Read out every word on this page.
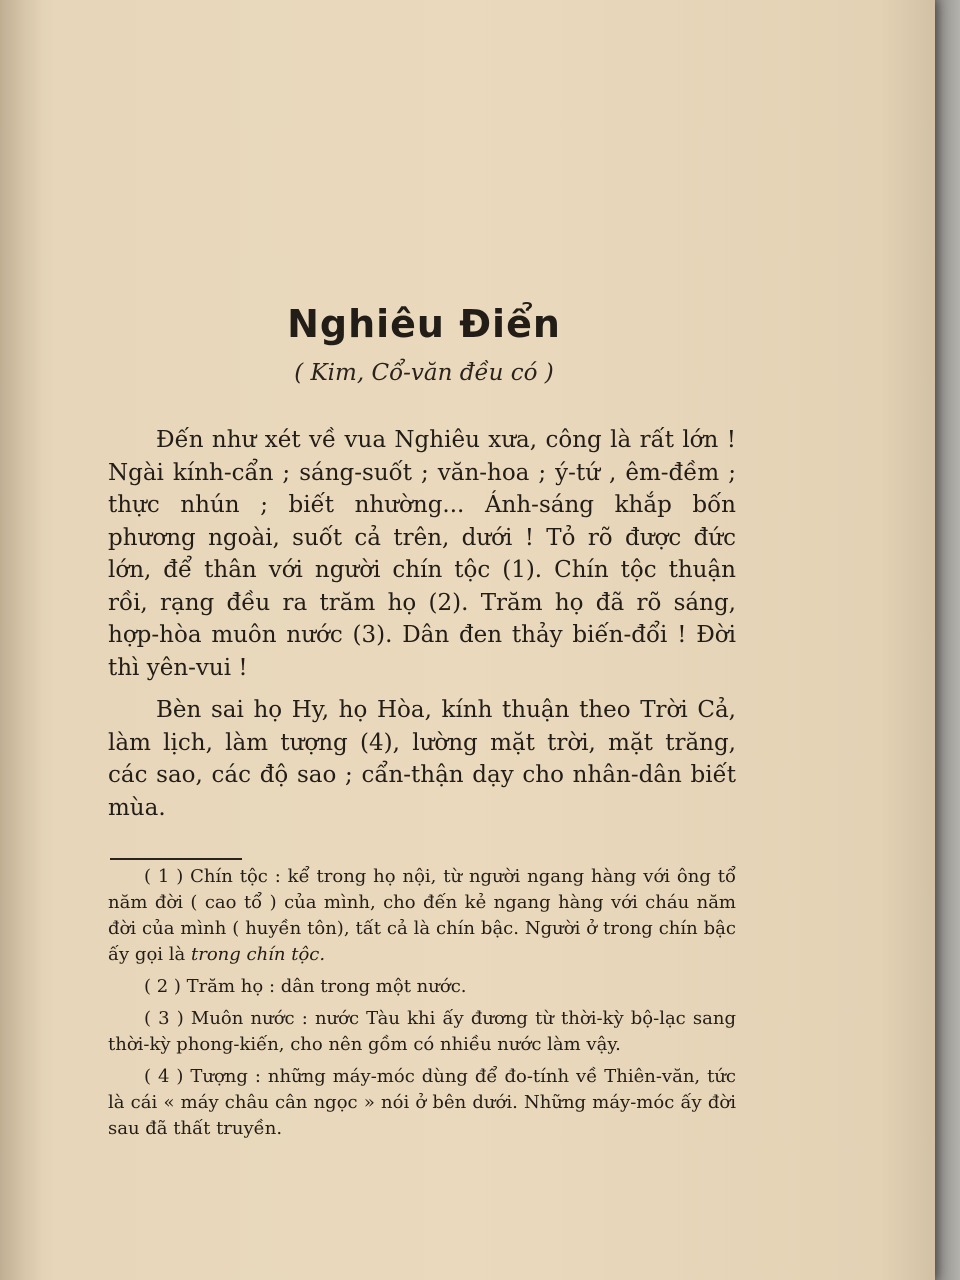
Nghiêu Điển
( Kim, Cổ-văn đều có )

Đến như xét về vua Nghiêu xưa, công là rất lớn ! Ngài kính-cẩn ; sáng-suốt ; văn-hoa ; ý-tứ , êm-đềm ; thực nhún ; biết nhường... Ánh-sáng khắp bốn phương ngoài, suốt cả trên, dưới ! Tỏ rõ được đức lớn, để thân với người chín tộc (1). Chín tộc thuận rồi, rạng đều ra trăm họ (2). Trăm họ đã rõ sáng, hợp-hòa muôn nước (3). Dân đen thảy biến-đổi ! Đời thì yên-vui !

Bèn sai họ Hy, họ Hòa, kính thuận theo Trời Cả, làm lịch, làm tượng (4), lường mặt trời, mặt trăng, các sao, các độ sao ; cẩn-thận dạy cho nhân-dân biết mùa.

( 1 ) Chín tộc : kể trong họ nội, từ người ngang hàng với ông tổ năm đời ( cao tổ ) của mình, cho đến kẻ ngang hàng với cháu năm đời của mình ( huyền tôn), tất cả là chín bậc. Người ở trong chín bậc ấy gọi là trong chín tộc.

( 2 ) Trăm họ : dân trong một nước.

( 3 ) Muôn nước : nước Tàu khi ấy đương từ thời-kỳ bộ-lạc sang thời-kỳ phong-kiến, cho nên gồm có nhiều nước làm vậy.

( 4 ) Tượng : những máy-móc dùng để đo-tính về Thiên-văn, tức là cái « máy châu cân ngọc » nói ở bên dưới. Những máy-móc ấy đời sau đã thất truyền.
